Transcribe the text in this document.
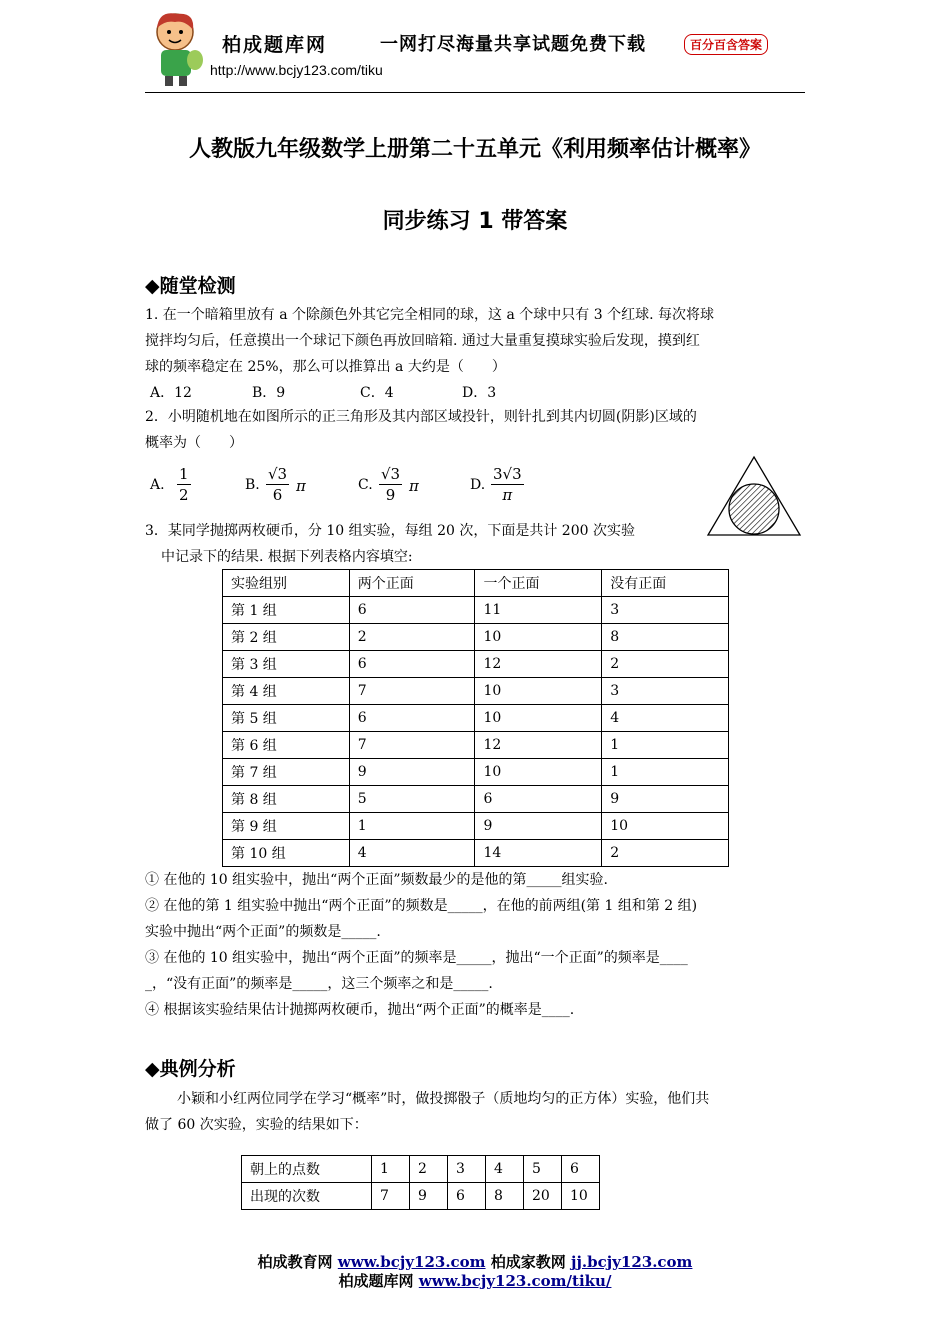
柏成题库网	一网打尽海量共享试题免费下载	百分百含答案
http://www.bcjy123.com/tiku
人教版九年级数学上册第二十五单元《利用频率估计概率》
同步练习 1 带答案
◆随堂检测
1. 在一个暗箱里放有 a 个除颜色外其它完全相同的球，这 a 个球中只有 3 个红球. 每次将球
搅拌均匀后，任意摸出一个球记下颜色再放回暗箱. 通过大量重复摸球实验后发现，摸到红
球的频率稳定在 25%，那么可以推算出 a 大约是（　　）
A．12	B．9	C．4	D．3
2．小明随机地在如图所示的正三角形及其内部区域投针，则针扎到其内切圆(阴影)区域的
概率为（　　）
A. $\frac{1}{2}$	B. $\frac{√3}{6}$ π	C. $\frac{√3}{9}$ π	D. $\frac{3√3}{\pi}$
3．某同学抛掷两枚硬币，分 10 组实验，每组 20 次，下面是共计 200 次实验
中记录下的结果. 根据下列表格内容填空:
实验组别	两个正面	一个正面	没有正面
第 1 组	6	11	3
第 2 组	2	10	8
第 3 组	6	12	2
第 4 组	7	10	3
第 5 组	6	10	4
第 6 组	7	12	1
第 7 组	9	10	1
第 8 组	5	6	9
第 9 组	1	9	10
第 10 组	4	14	2
① 在他的 10 组实验中，抛出“两个正面”频数最少的是他的第_____组实验.
② 在他的第 1 组实验中抛出“两个正面”的频数是_____，在他的前两组(第 1 组和第 2 组)
实验中抛出“两个正面”的频数是_____.
③ 在他的 10 组实验中，抛出“两个正面”的频率是_____，抛出“一个正面”的频率是____
_，“没有正面”的频率是_____，这三个频率之和是_____.
④ 根据该实验结果估计抛掷两枚硬币，抛出“两个正面”的概率是____.
◆典例分析
小颖和小红两位同学在学习“概率”时，做投掷骰子（质地均匀的正方体）实验，他们共
做了 60 次实验，实验的结果如下：
朝上的点数	1	2	3	4	5	6
出现的次数	7	9	6	8	20	10
柏成教育网 www.bcjy123.com 柏成家教网 jj.bcjy123.com
柏成题库网 www.bcjy123.com/tiku/
